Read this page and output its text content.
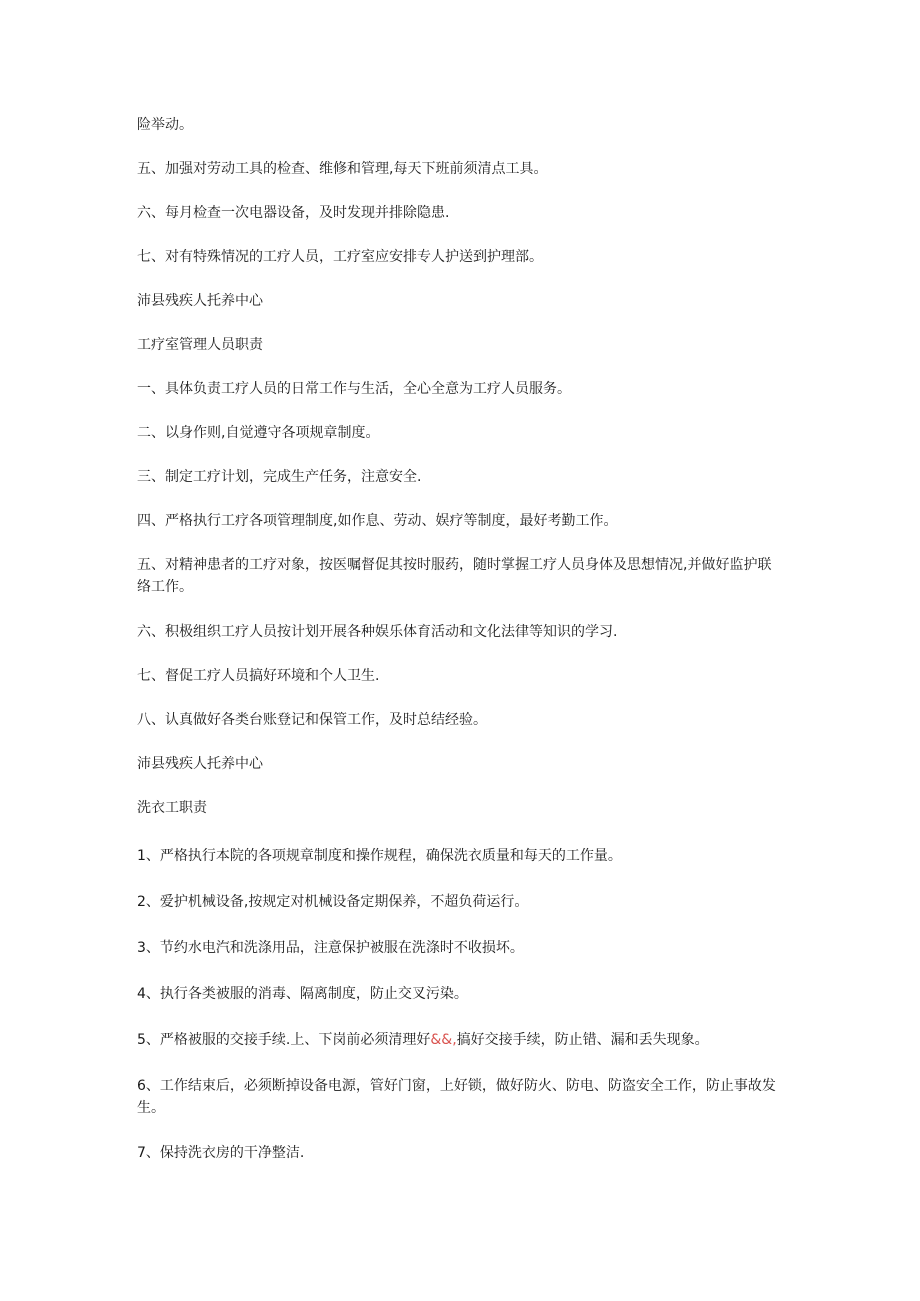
险举动。

五、加强对劳动工具的检查、维修和管理,每天下班前须清点工具。

六、每月检查一次电器设备，及时发现并排除隐患.

七、对有特殊情况的工疗人员，工疗室应安排专人护送到护理部。

沛县残疾人托养中心

工疗室管理人员职责

一、具体负责工疗人员的日常工作与生活，全心全意为工疗人员服务。

二、以身作则,自觉遵守各项规章制度。

三、制定工疗计划，完成生产任务，注意安全.

四、严格执行工疗各项管理制度,如作息、劳动、娱疗等制度，最好考勤工作。

五、对精神患者的工疗对象，按医嘱督促其按时服药，随时掌握工疗人员身体及思想情况,并做好监护联络工作。

六、积极组织工疗人员按计划开展各种娱乐体育活动和文化法律等知识的学习.

七、督促工疗人员搞好环境和个人卫生.

八、认真做好各类台账登记和保管工作，及时总结经验。

沛县残疾人托养中心

洗衣工职责

1、严格执行本院的各项规章制度和操作规程，确保洗衣质量和每天的工作量。

2、爱护机械设备,按规定对机械设备定期保养，不超负荷运行。

3、节约水电汽和洗涤用品，注意保护被服在洗涤时不收损坏。

4、执行各类被服的消毒、隔离制度，防止交叉污染。

5、严格被服的交接手续.上、下岗前必须清理好&&,搞好交接手续，防止错、漏和丢失现象。

6、工作结束后，必须断掉设备电源，管好门窗，上好锁，做好防火、防电、防盗安全工作，防止事故发生。

7、保持洗衣房的干净整洁.
